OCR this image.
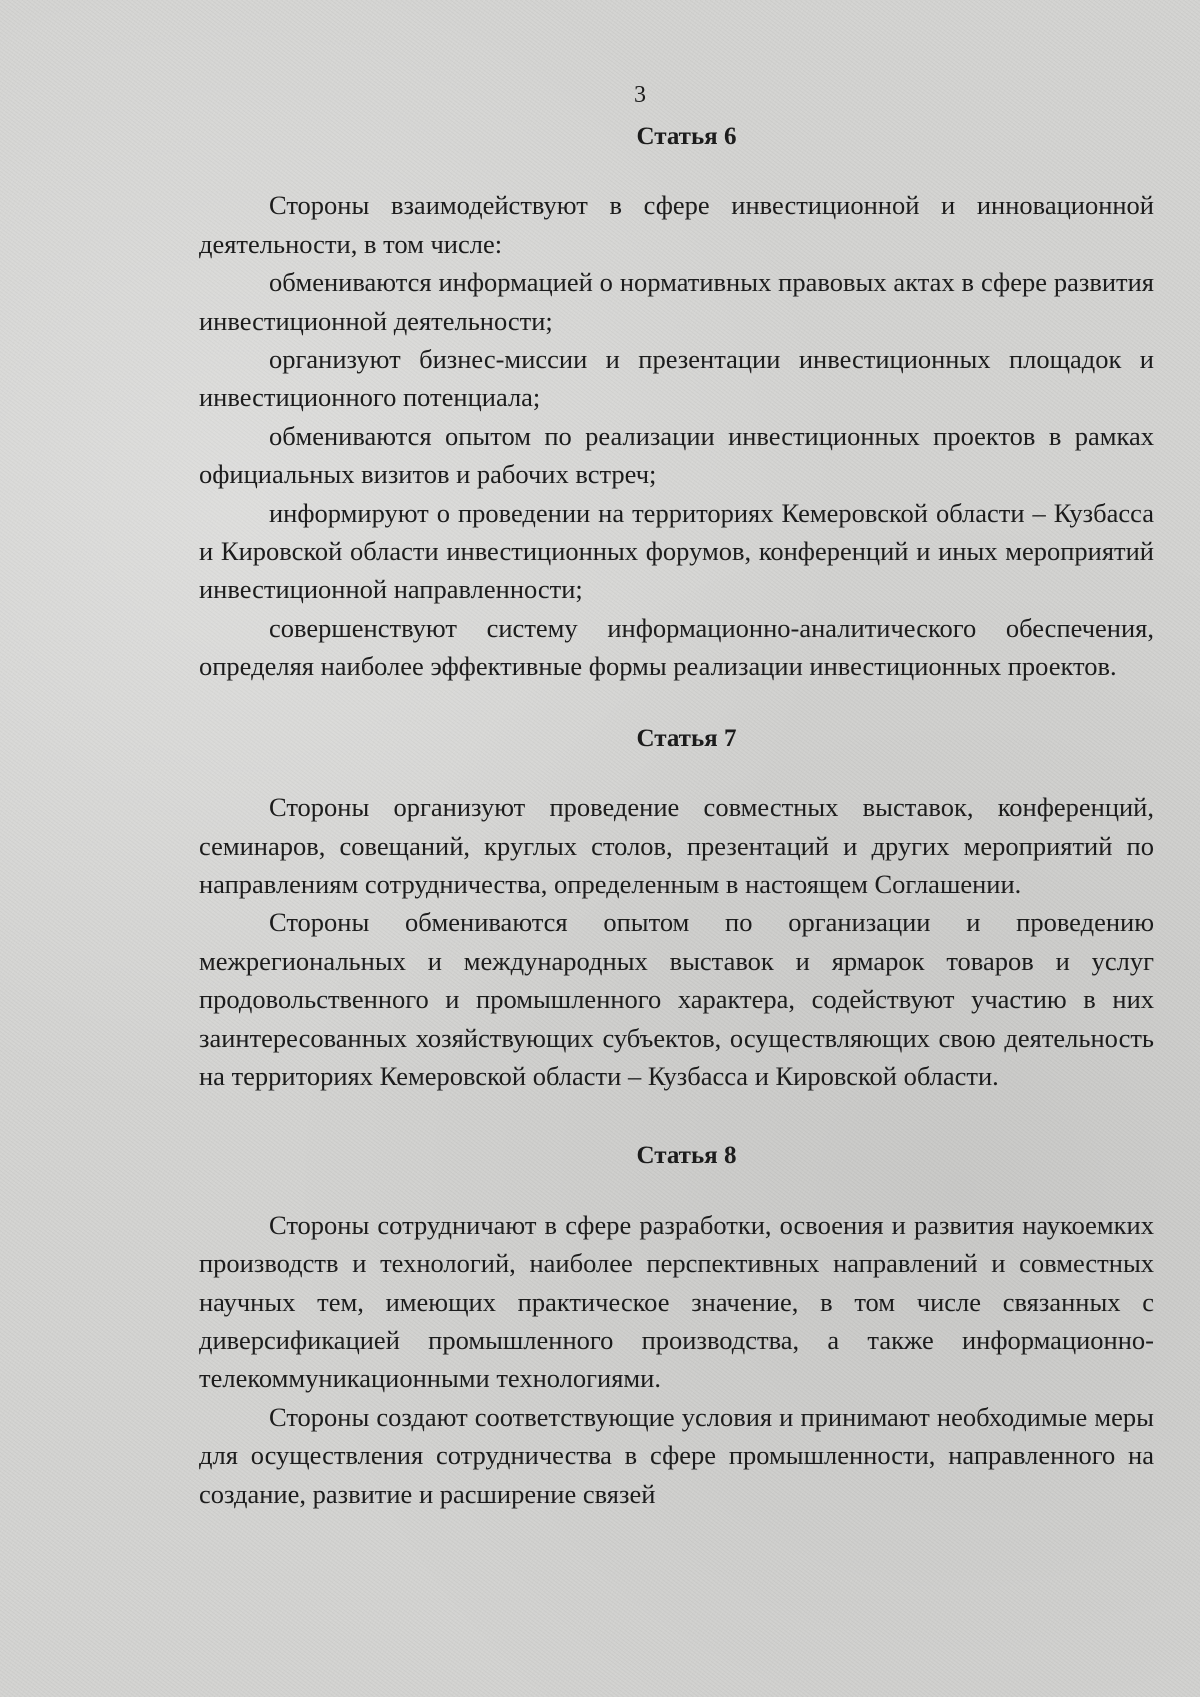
3
Статья 6

Стороны взаимодействуют в сфере инвестиционной и инновационной деятельности, в том числе:

обмениваются информацией о нормативных правовых актах в сфере развития инвестиционной деятельности;

организуют бизнес-миссии и презентации инвестиционных площадок и инвестиционного потенциала;

обмениваются опытом по реализации инвестиционных проектов в рамках официальных визитов и рабочих встреч;

информируют о проведении на территориях Кемеровской области – Кузбасса и Кировской области инвестиционных форумов, конференций и иных мероприятий инвестиционной направленности;

совершенствуют систему информационно-аналитического обеспечения, определяя наиболее эффективные формы реализации инвестиционных проектов.

Статья 7

Стороны организуют проведение совместных выставок, конференций, семинаров, совещаний, круглых столов, презентаций и других мероприятий по направлениям сотрудничества, определенным в настоящем Соглашении.

Стороны обмениваются опытом по организации и проведению межрегиональных и международных выставок и ярмарок товаров и услуг продовольственного и промышленного характера, содействуют участию в них заинтересованных хозяйствующих субъектов, осуществляющих свою деятельность на территориях Кемеровской области – Кузбасса и Кировской области.

Статья 8

Стороны сотрудничают в сфере разработки, освоения и развития наукоемких производств и технологий, наиболее перспективных направлений и совместных научных тем, имеющих практическое значение, в том числе связанных с диверсификацией промышленного производства, а также информационно-телекоммуникационными технологиями.

Стороны создают соответствующие условия и принимают необходимые меры для осуществления сотрудничества в сфере промышленности, направленного на создание, развитие и расширение связей
